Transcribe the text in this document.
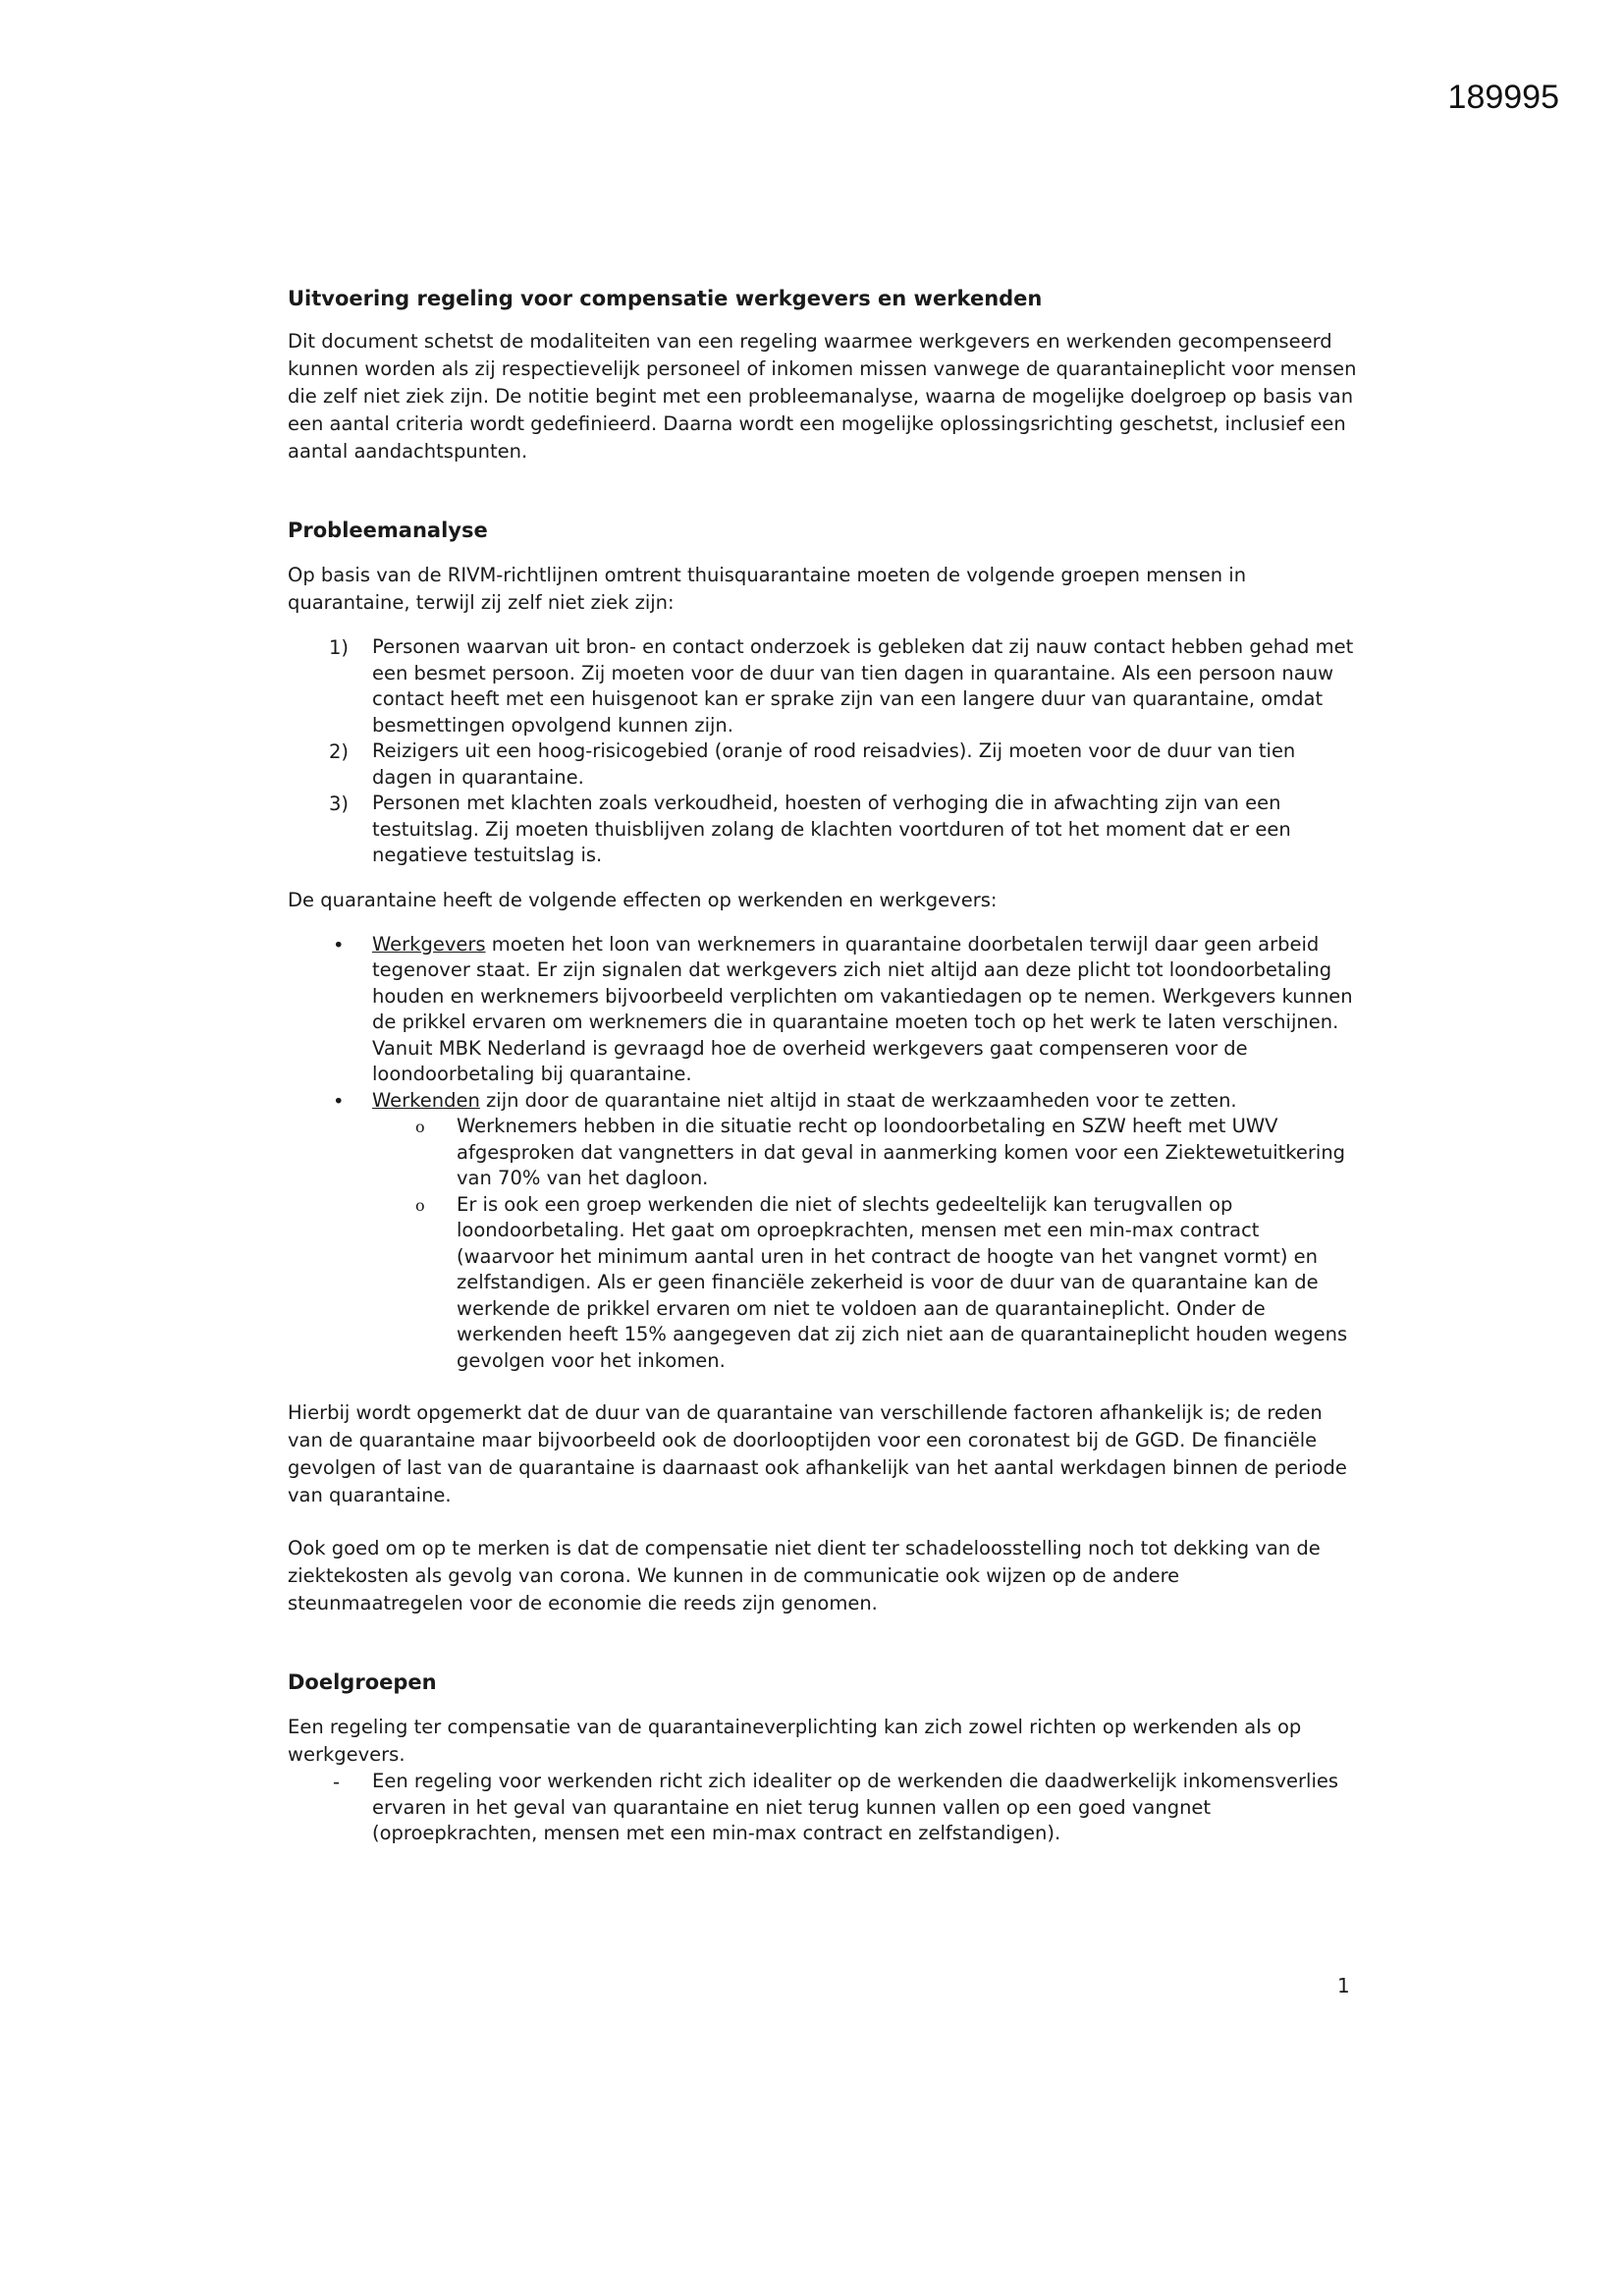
189995
Uitvoering regeling voor compensatie werkgevers en werkenden

Dit document schetst de modaliteiten van een regeling waarmee werkgevers en werkenden gecompenseerd kunnen worden als zij respectievelijk personeel of inkomen missen vanwege de quarantaineplicht voor mensen die zelf niet ziek zijn. De notitie begint met een probleemanalyse, waarna de mogelijke doelgroep op basis van een aantal criteria wordt gedefinieerd. Daarna wordt een mogelijke oplossingsrichting geschetst, inclusief een aantal aandachtspunten.

Probleemanalyse

Op basis van de RIVM-richtlijnen omtrent thuisquarantaine moeten de volgende groepen mensen in quarantaine, terwijl zij zelf niet ziek zijn:

1) Personen waarvan uit bron- en contact onderzoek is gebleken dat zij nauw contact hebben gehad met een besmet persoon. Zij moeten voor de duur van tien dagen in quarantaine. Als een persoon nauw contact heeft met een huisgenoot kan er sprake zijn van een langere duur van quarantaine, omdat besmettingen opvolgend kunnen zijn.

2) Reizigers uit een hoog-risicogebied (oranje of rood reisadvies). Zij moeten voor de duur van tien dagen in quarantaine.

3) Personen met klachten zoals verkoudheid, hoesten of verhoging die in afwachting zijn van een testuitslag. Zij moeten thuisblijven zolang de klachten voortduren of tot het moment dat er een negatieve testuitslag is.

De quarantaine heeft de volgende effecten op werkenden en werkgevers:

• Werkgevers moeten het loon van werknemers in quarantaine doorbetalen terwijl daar geen arbeid tegenover staat. Er zijn signalen dat werkgevers zich niet altijd aan deze plicht tot loondoorbetaling houden en werknemers bijvoorbeeld verplichten om vakantiedagen op te nemen. Werkgevers kunnen de prikkel ervaren om werknemers die in quarantaine moeten toch op het werk te laten verschijnen. Vanuit MBK Nederland is gevraagd hoe de overheid werkgevers gaat compenseren voor de loondoorbetaling bij quarantaine.

• Werkenden zijn door de quarantaine niet altijd in staat de werkzaamheden voor te zetten.

o Werknemers hebben in die situatie recht op loondoorbetaling en SZW heeft met UWV afgesproken dat vangnetters in dat geval in aanmerking komen voor een Ziektewetuitkering van 70% van het dagloon.

o Er is ook een groep werkenden die niet of slechts gedeeltelijk kan terugvallen op loondoorbetaling. Het gaat om oproepkrachten, mensen met een min-max contract (waarvoor het minimum aantal uren in het contract de hoogte van het vangnet vormt) en zelfstandigen. Als er geen financiële zekerheid is voor de duur van de quarantaine kan de werkende de prikkel ervaren om niet te voldoen aan de quarantaineplicht. Onder de werkenden heeft 15% aangegeven dat zij zich niet aan de quarantaineplicht houden wegens gevolgen voor het inkomen.

Hierbij wordt opgemerkt dat de duur van de quarantaine van verschillende factoren afhankelijk is; de reden van de quarantaine maar bijvoorbeeld ook de doorlooptijden voor een coronatest bij de GGD. De financiële gevolgen of last van de quarantaine is daarnaast ook afhankelijk van het aantal werkdagen binnen de periode van quarantaine.

Ook goed om op te merken is dat de compensatie niet dient ter schadeloosstelling noch tot dekking van de ziektekosten als gevolg van corona. We kunnen in de communicatie ook wijzen op de andere steunmaatregelen voor de economie die reeds zijn genomen.

Doelgroepen

Een regeling ter compensatie van de quarantaineverplichting kan zich zowel richten op werkenden als op werkgevers.

- Een regeling voor werkenden richt zich idealiter op de werkenden die daadwerkelijk inkomensverlies ervaren in het geval van quarantaine en niet terug kunnen vallen op een goed vangnet (oproepkrachten, mensen met een min-max contract en zelfstandigen).

1
